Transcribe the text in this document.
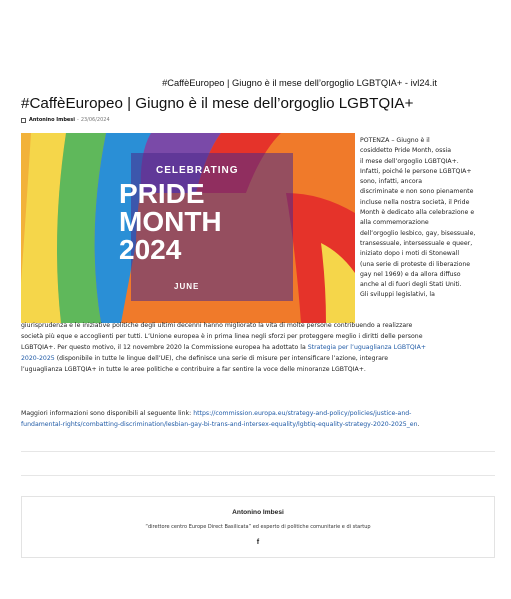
#CaffèEuropeo | Giugno è il mese dell’orgoglio LGBTQIA+ - ivl24.it
#CaffèEuropeo | Giugno è il mese dell’orgoglio LGBTQIA+
Antonino Imbesi - 23/06/2024
CELEBRATING
PRIDE
MONTH
2024
JUNE

POTENZA – Giugno è il

cosiddetto Pride Month, ossia

il mese dell’orgoglio LGBTQIA+.

Infatti, poiché le persone LGBTQIA+

sono, infatti, ancora

discriminate e non sono pienamente

incluse nella nostra società, il Pride

Month è dedicato alla celebrazione e

alla commemorazione

dell’orgoglio lesbico, gay, bisessuale,

transessuale, intersessuale e queer,

iniziato dopo i moti di Stonewall

(una serie di proteste di liberazione

gay nel 1969) e da allora diffuso

anche al di fuori degli Stati Uniti.

Gli sviluppi legislativi, la

giurisprudenza e le iniziative politiche degli ultimi decenni hanno migliorato la vita di molte persone contribuendo a realizzare

società più eque e accoglienti per tutti. L’Unione europea è in prima linea negli sforzi per proteggere meglio i diritti delle persone

LGBTQIA+. Per questo motivo, il 12 novembre 2020 la Commissione europea ha adottato la Strategia per l’uguaglianza LGBTQIA+

2020-2025 (disponibile in tutte le lingue dell’UE), che definisce una serie di misure per intensificare l’azione, integrare

l’uguaglianza LGBTQIA+ in tutte le aree politiche e contribuire a far sentire la voce delle minoranze LGBTQIA+.

Maggiori informazioni sono disponibili al seguente link: https://commission.europa.eu/strategy-and-policy/policies/justice-and-
fundamental-rights/combatting-discrimination/lesbian-gay-bi-trans-and-intersex-equality/lgbtiq-equality-strategy-2020-2025_en.
Antonino Imbesi
“direttore centro Europe Direct Basilicata” ed esperto di politiche comunitarie e di startup
f
